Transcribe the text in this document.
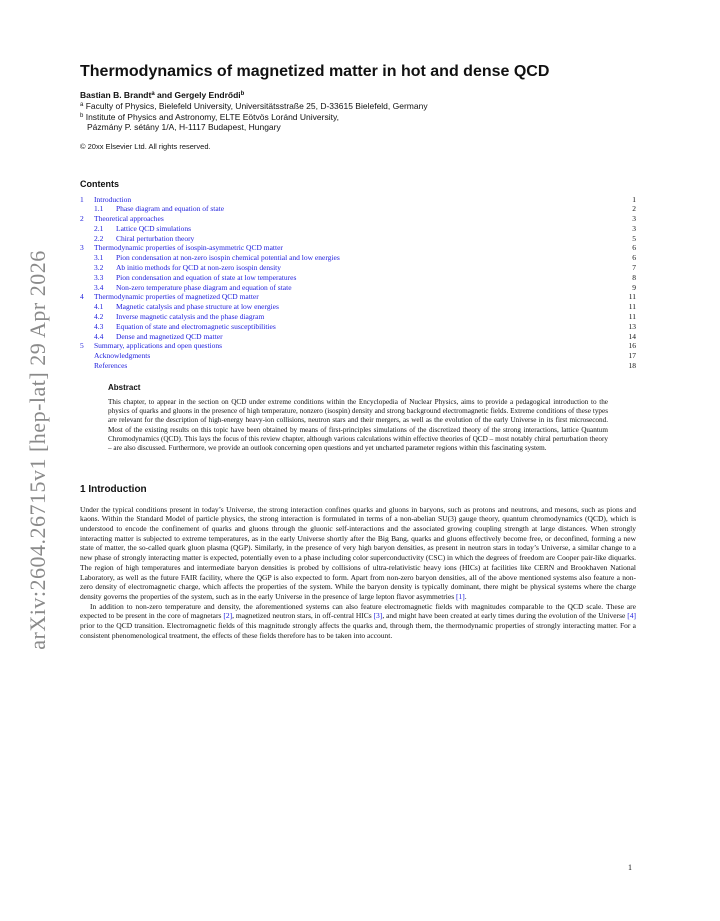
arXiv:2604.26715v1 [hep-lat] 29 Apr 2026
Thermodynamics of magnetized matter in hot and dense QCD
Bastian B. Brandt$^a$ and Gergely Endrődi$^b$
$^a$ Faculty of Physics, Bielefeld University, Universitätsstraße 25, D-33615 Bielefeld, Germany
$^b$ Institute of Physics and Astronomy, ELTE Eötvös Loránd University,
Pázmány P. sétány 1/A, H-1117 Budapest, Hungary
© 20xx Elsevier Ltd. All rights reserved.
Contents
1	Introduction	1
1.1	Phase diagram and equation of state	2
2	Theoretical approaches	3
2.1	Lattice QCD simulations	3
2.2	Chiral perturbation theory	5
3	Thermodynamic properties of isospin-asymmetric QCD matter	6
3.1	Pion condensation at non-zero isospin chemical potential and low energies	6
3.2	Ab initio methods for QCD at non-zero isospin density	7
3.3	Pion condensation and equation of state at low temperatures	8
3.4	Non-zero temperature phase diagram and equation of state	9
4	Thermodynamic properties of magnetized QCD matter	11
4.1	Magnetic catalysis and phase structure at low energies	11
4.2	Inverse magnetic catalysis and the phase diagram	11
4.3	Equation of state and electromagnetic susceptibilities	13
4.4	Dense and magnetized QCD matter	14
5	Summary, applications and open questions	16
Acknowledgments	17
References	18
Abstract

This chapter, to appear in the section on QCD under extreme conditions within the Encyclopedia of Nuclear Physics, aims to provide a pedagogical introduction to the physics of quarks and gluons in the presence of high temperature, nonzero (isospin) density and strong background electromagnetic fields. Extreme conditions of these types are relevant for the description of high-energy heavy-ion collisions, neutron stars and their mergers, as well as the evolution of the early Universe in its first microsecond. Most of the existing results on this topic have been obtained by means of first-principles simulations of the discretized theory of the strong interactions, lattice Quantum Chromodynamics (QCD). This lays the focus of this review chapter, although various calculations within effective theories of QCD – most notably chiral perturbation theory – are also discussed. Furthermore, we provide an outlook concerning open questions and yet uncharted parameter regions within this fascinating system.

1 Introduction

Under the typical conditions present in today’s Universe, the strong interaction confines quarks and gluons in baryons, such as protons and neutrons, and mesons, such as pions and kaons. Within the Standard Model of particle physics, the strong interaction is formulated in terms of a non-abelian SU(3) gauge theory, quantum chromodynamics (QCD), which is understood to encode the confinement of quarks and gluons through the gluonic self-interactions and the associated growing coupling strength at large distances. When strongly interacting matter is subjected to extreme temperatures, as in the early Universe shortly after the Big Bang, quarks and gluons effectively become free, or deconfined, forming a new state of matter, the so-called quark gluon plasma (QGP). Similarly, in the presence of very high baryon densities, as present in neutron stars in today’s Universe, a similar change to a new phase of strongly interacting matter is expected, potentially even to a phase including color superconductivity (CSC) in which the degrees of freedom are Cooper pair-like diquarks. The region of high temperatures and intermediate baryon densities is probed by collisions of ultra-relativistic heavy ions (HICs) at facilities like CERN and Brookhaven National Laboratory, as well as the future FAIR facility, where the QGP is also expected to form. Apart from non-zero baryon densities, all of the above mentioned systems also feature a non-zero density of electromagnetic charge, which affects the properties of the system. While the baryon density is typically dominant, there might be physical systems where the charge density governs the properties of the system, such as in the early Universe in the presence of large lepton flavor asymmetries [1].

In addition to non-zero temperature and density, the aforementioned systems can also feature electromagnetic fields with magnitudes comparable to the QCD scale. These are expected to be present in the core of magnetars [2], magnetized neutron stars, in off-central HICs [3], and might have been created at early times during the evolution of the Universe [4] prior to the QCD transition. Electromagnetic fields of this magnitude strongly affects the quarks and, through them, the thermodynamic properties of strongly interacting matter. For a consistent phenomenological treatment, the effects of these fields therefore has to be taken into account.

1
